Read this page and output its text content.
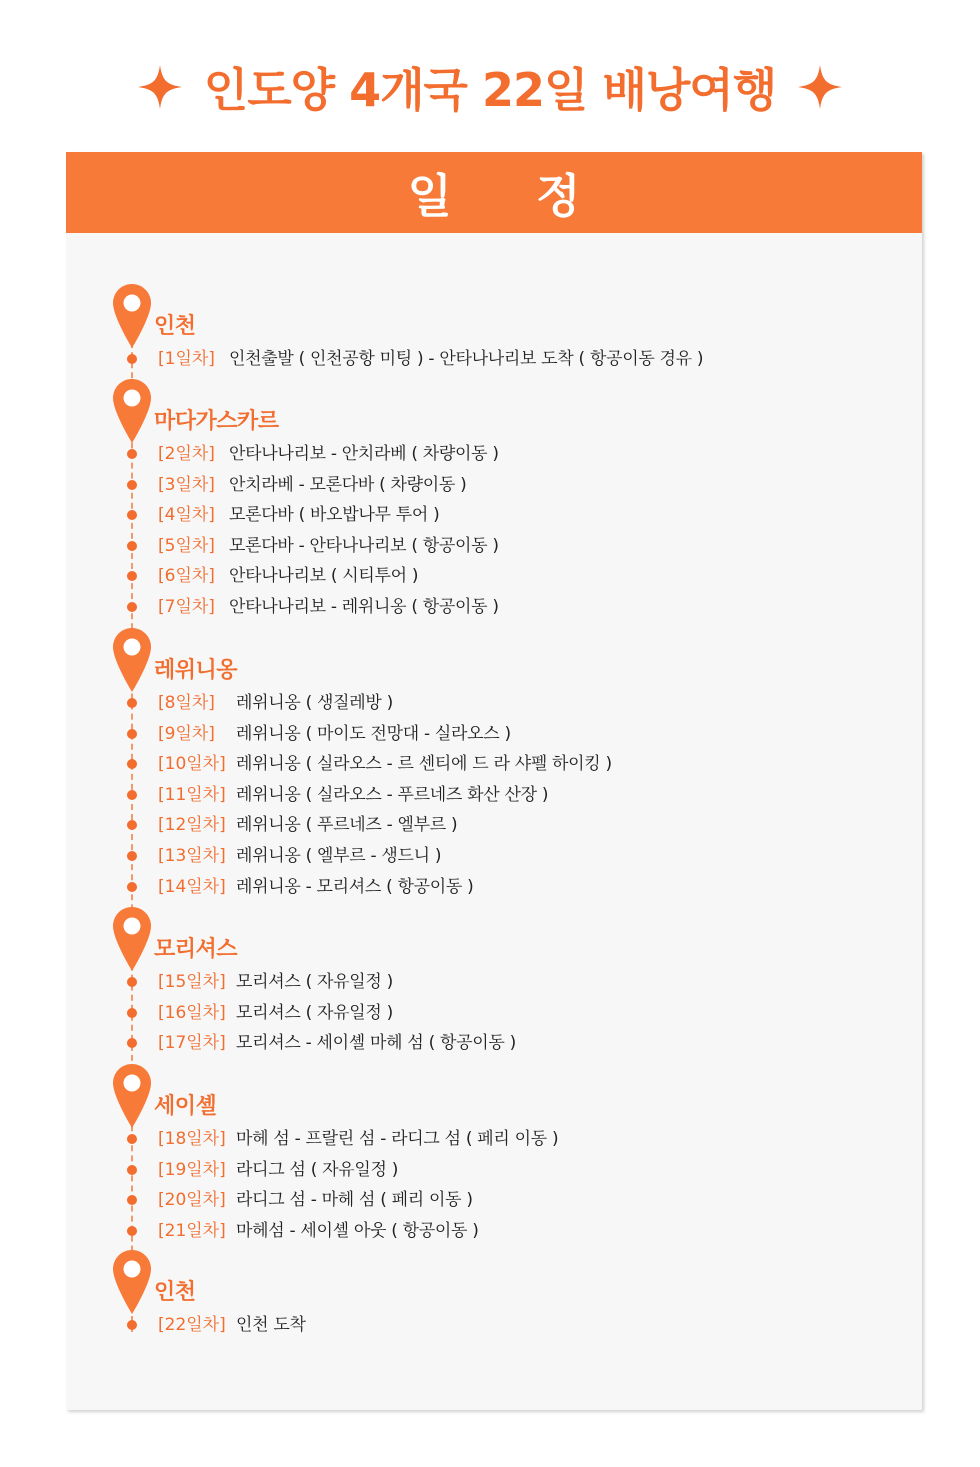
인도양 4개국 22일 배낭여행
일 정
인천
[1일차] 인천출발 ( 인천공항 미팅 ) - 안타나나리보 도착 ( 항공이동 경유 )
마다가스카르
[2일차] 안타나나리보 - 안치라베 ( 차량이동 )
[3일차] 안치라베 - 모론다바 ( 차량이동 )
[4일차] 모론다바 ( 바오밥나무 투어 )
[5일차] 모론다바 - 안타나나리보 ( 항공이동 )
[6일차] 안타나나리보 ( 시티투어 )
[7일차] 안타나나리보 - 레위니옹 ( 항공이동 )
레위니옹
[8일차] 레위니옹 ( 생질레방 )
[9일차] 레위니옹 ( 마이도 전망대 - 실라오스 )
[10일차] 레위니옹 ( 실라오스 - 르 센티에 드 라 샤펠 하이킹 )
[11일차] 레위니옹 ( 실라오스 - 푸르네즈 화산 산장 )
[12일차] 레위니옹 ( 푸르네즈 - 엘부르 )
[13일차] 레위니옹 ( 엘부르 - 생드니 )
[14일차] 레위니옹 - 모리셔스 ( 항공이동 )
모리셔스
[15일차] 모리셔스 ( 자유일정 )
[16일차] 모리셔스 ( 자유일정 )
[17일차] 모리셔스 - 세이셸 마헤 섬 ( 항공이동 )
세이셸
[18일차] 마헤 섬 - 프랄린 섬 - 라디그 섬 ( 페리 이동 )
[19일차] 라디그 섬 ( 자유일정 )
[20일차] 라디그 섬 - 마헤 섬 ( 페리 이동 )
[21일차] 마헤섬 - 세이셸 아웃 ( 항공이동 )
인천
[22일차] 인천 도착
